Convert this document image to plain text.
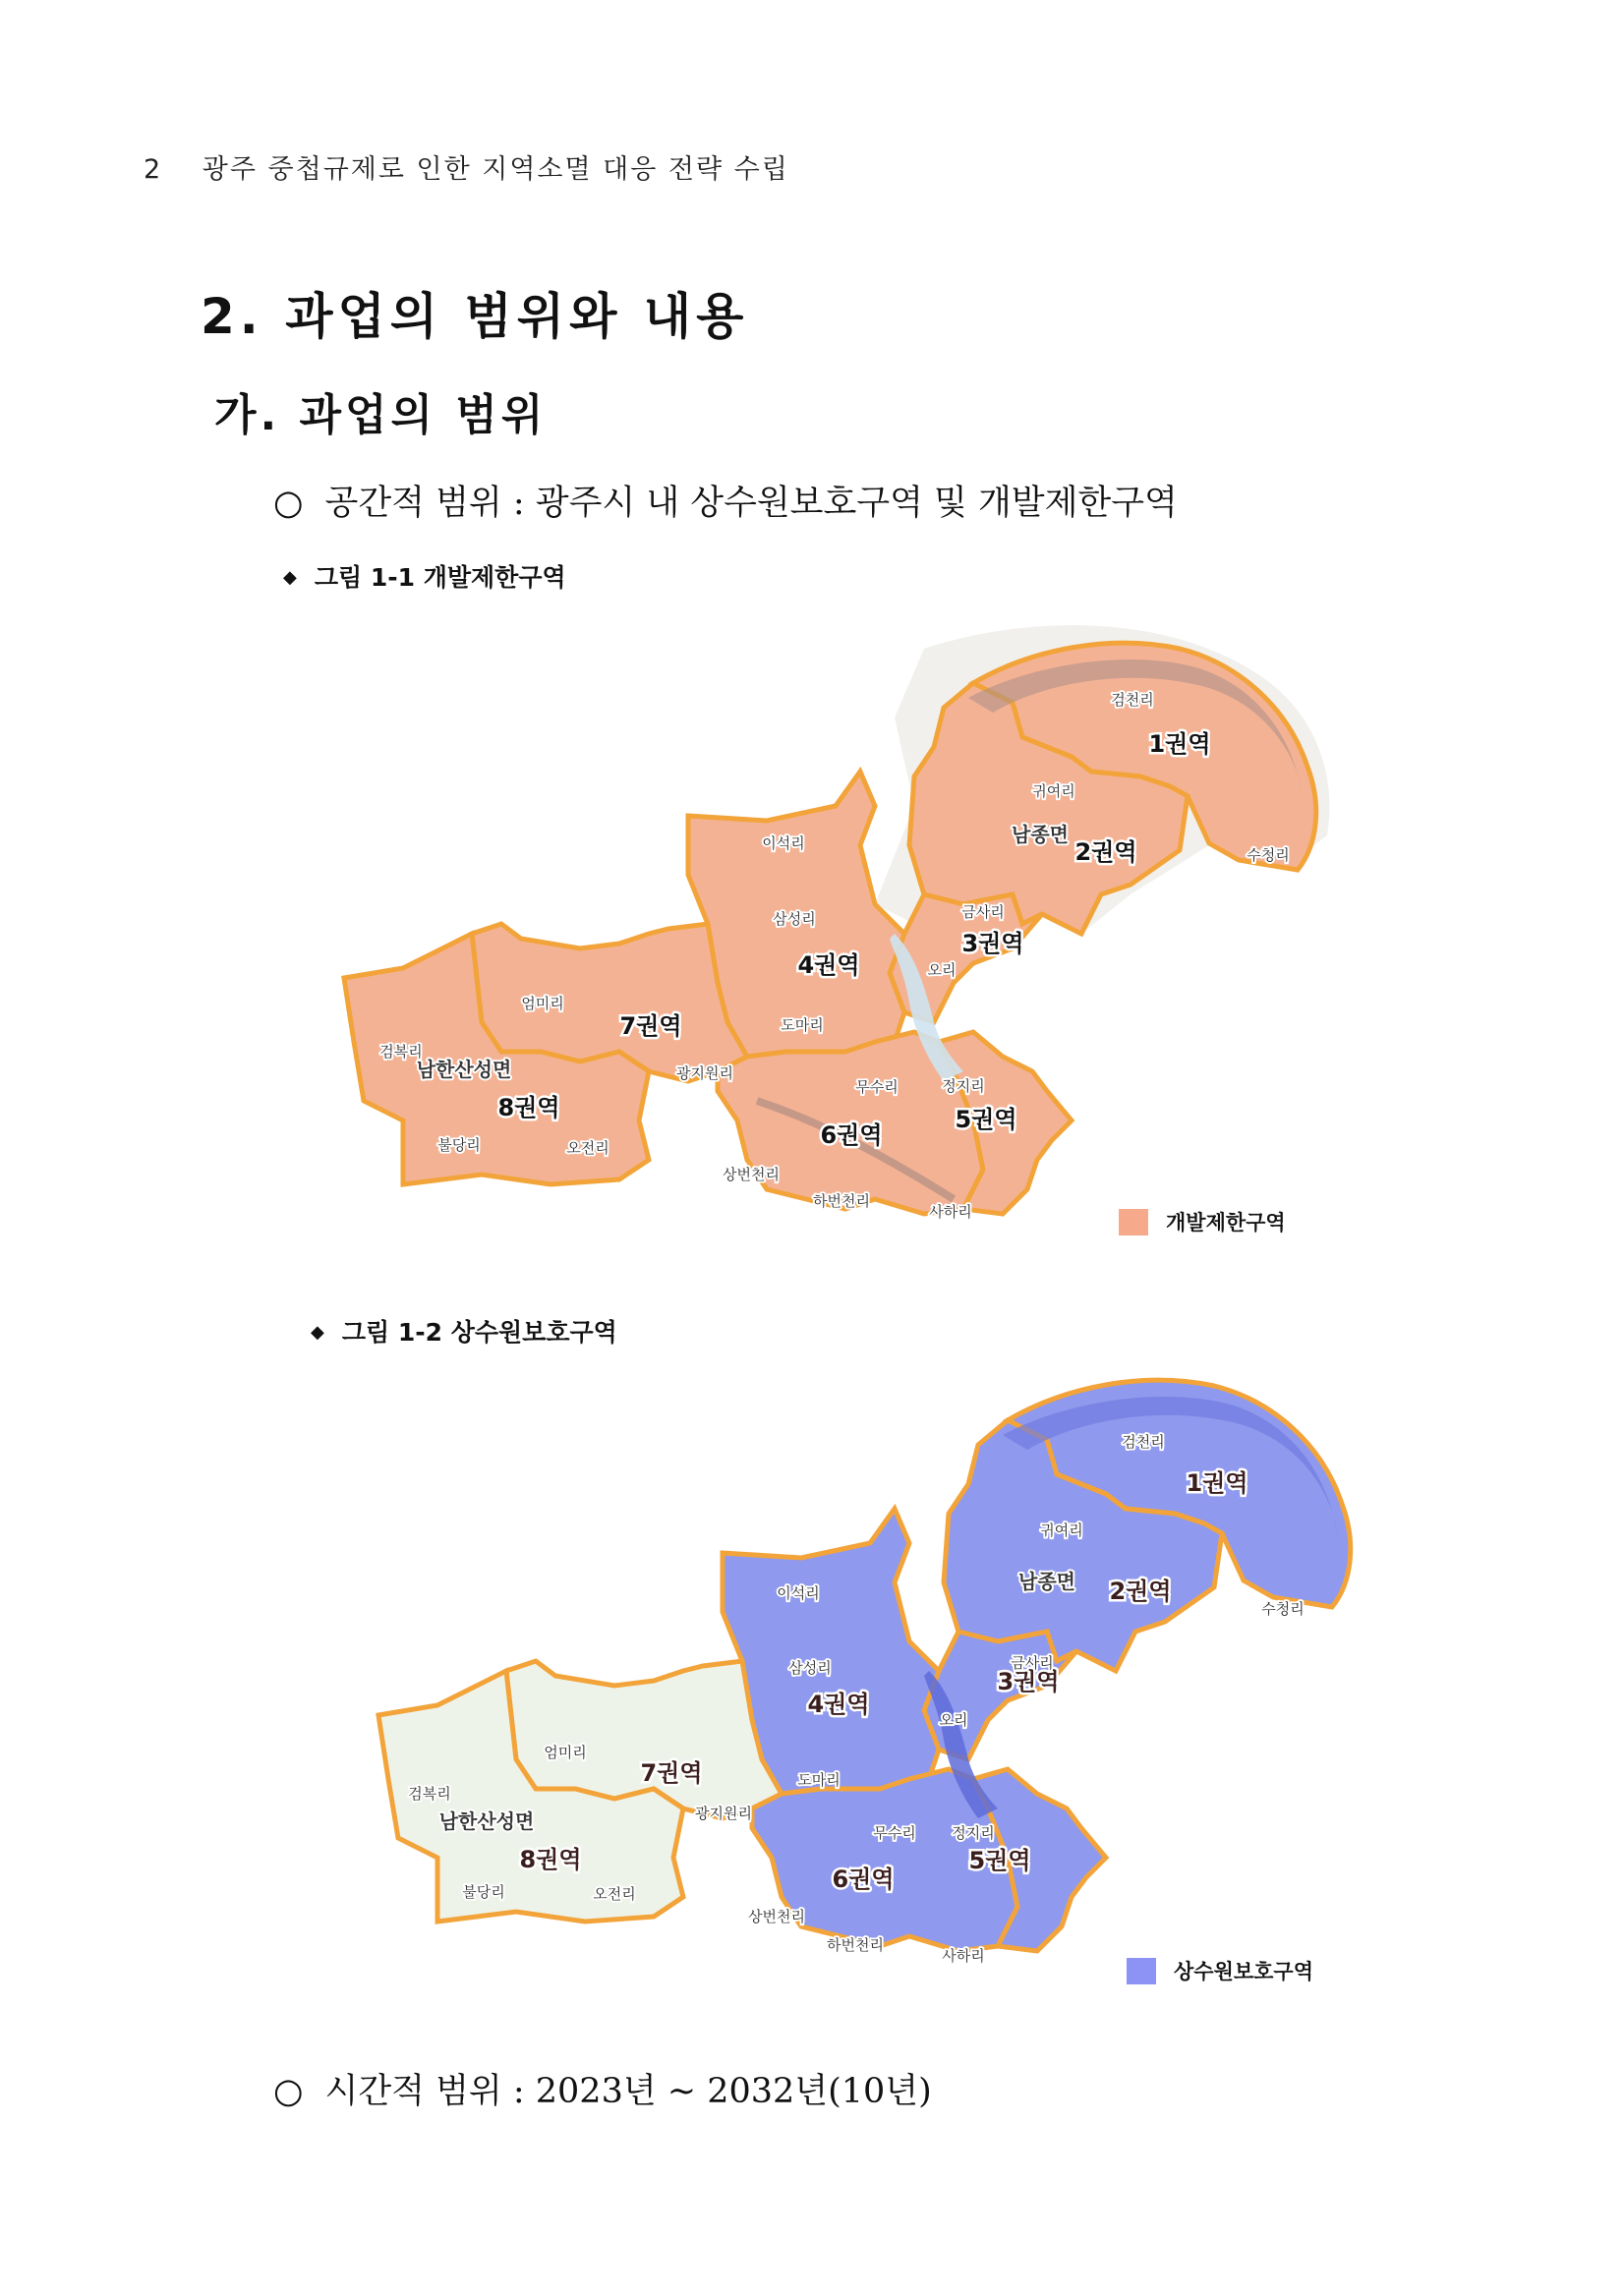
2 광주 중첩규제로 인한 지역소멸 대응 전략 수립
2. 과업의 범위와 내용
가. 과업의 범위
○ 공간적 범위 : 광주시 내 상수원보호구역 및 개발제한구역
◆ 그림 1-1 개발제한구역
1권역
2권역
3권역
4권역
5권역
6권역
7권역
8권역
검천리
귀여리
수청리
금사리
오리
이석리
삼성리
도마리
엄미리
검복리
불당리	오전리
광지원리
무수리	정지리
상번천리
하번천리
사하리
남종면
남한산성면
개발제한구역
◆ 그림 1-2 상수원보호구역
1권역
2권역
3권역
4권역
5권역
6권역
7권역
8권역
검천리
귀여리
수청리
금사리
오리
이석리
삼성리
도마리
엄미리
검복리
불당리	오전리
광지원리
무수리 정지리
상번천리
하번천리
사하리
남종면
남한산성면
상수원보호구역
○ 시간적 범위 : 2023년 ~ 2032년(10년)
